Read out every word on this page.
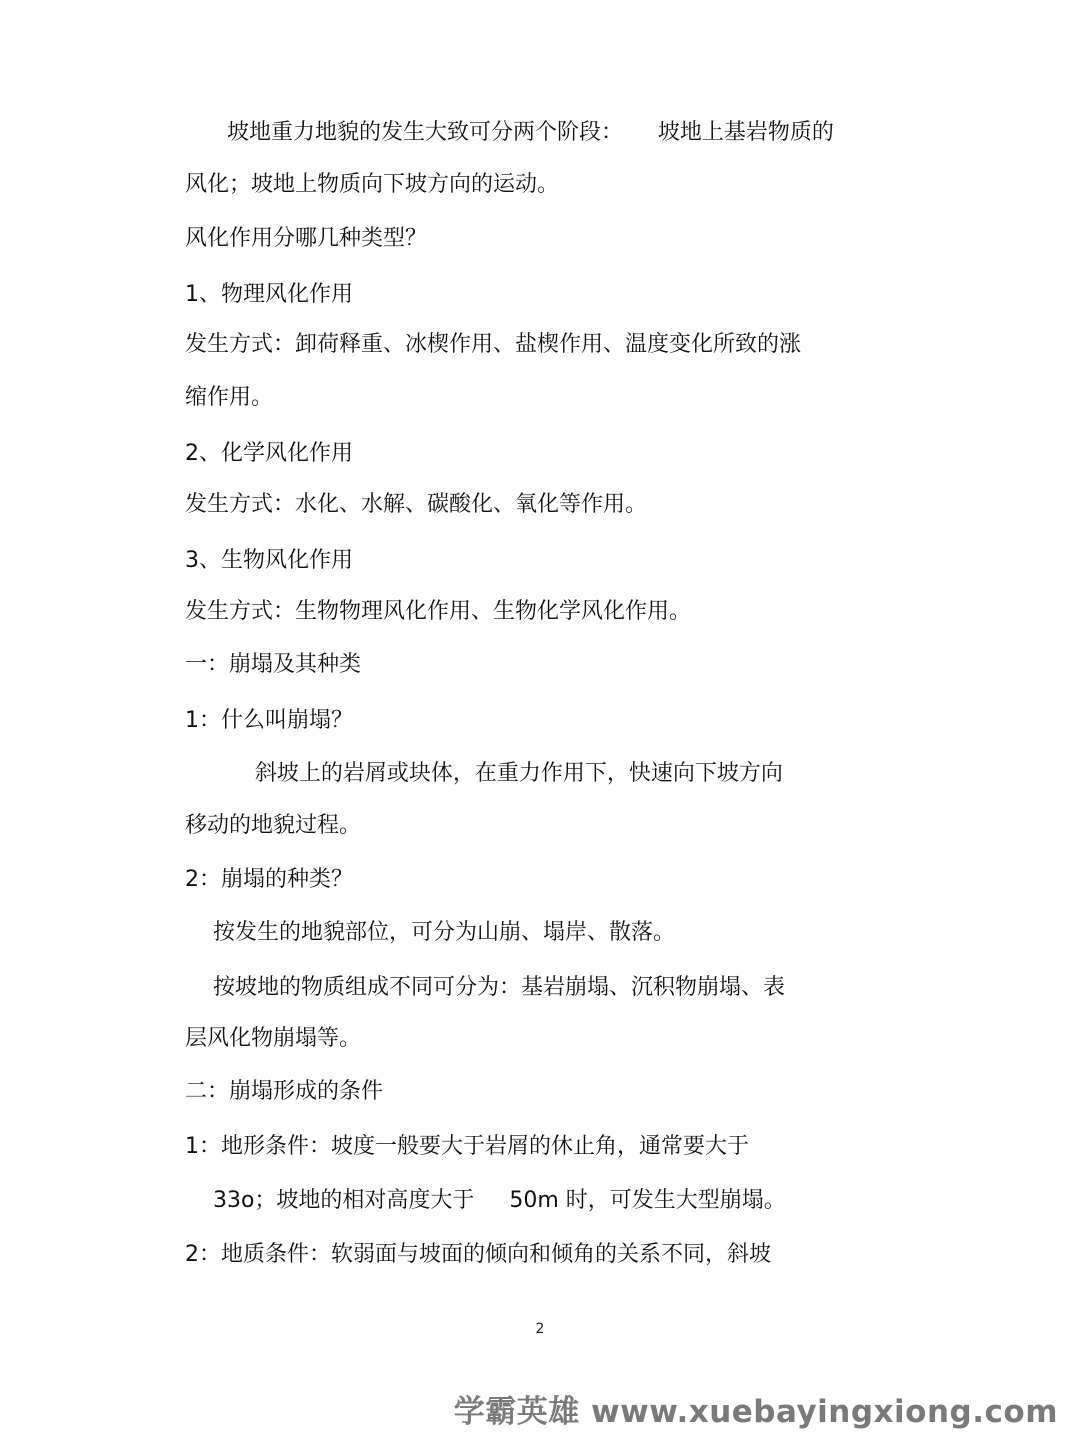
坡地重力地貌的发生大致可分两个阶段：     坡地上基岩物质的
风化；坡地上物质向下坡方向的运动。
风化作用分哪几种类型？
1、物理风化作用
发生方式：卸荷释重、冰楔作用、盐楔作用、温度变化所致的涨
缩作用。
2、化学风化作用
发生方式：水化、水解、碳酸化、氧化等作用。
3、生物风化作用
发生方式：生物物理风化作用、生物化学风化作用。
一：崩塌及其种类
1：什么叫崩塌？
斜坡上的岩屑或块体，在重力作用下，快速向下坡方向
移动的地貌过程。
2：崩塌的种类？
按发生的地貌部位，可分为山崩、塌岸、散落。
按坡地的物质组成不同可分为：基岩崩塌、沉积物崩塌、表
层风化物崩塌等。
二：崩塌形成的条件
1：地形条件：坡度一般要大于岩屑的休止角，通常要大于
33o；坡地的相对高度大于     50m 时，可发生大型崩塌。
2：地质条件：软弱面与坡面的倾向和倾角的关系不同，斜坡
2
学霸英雄 www.xuebayingxiong.com
